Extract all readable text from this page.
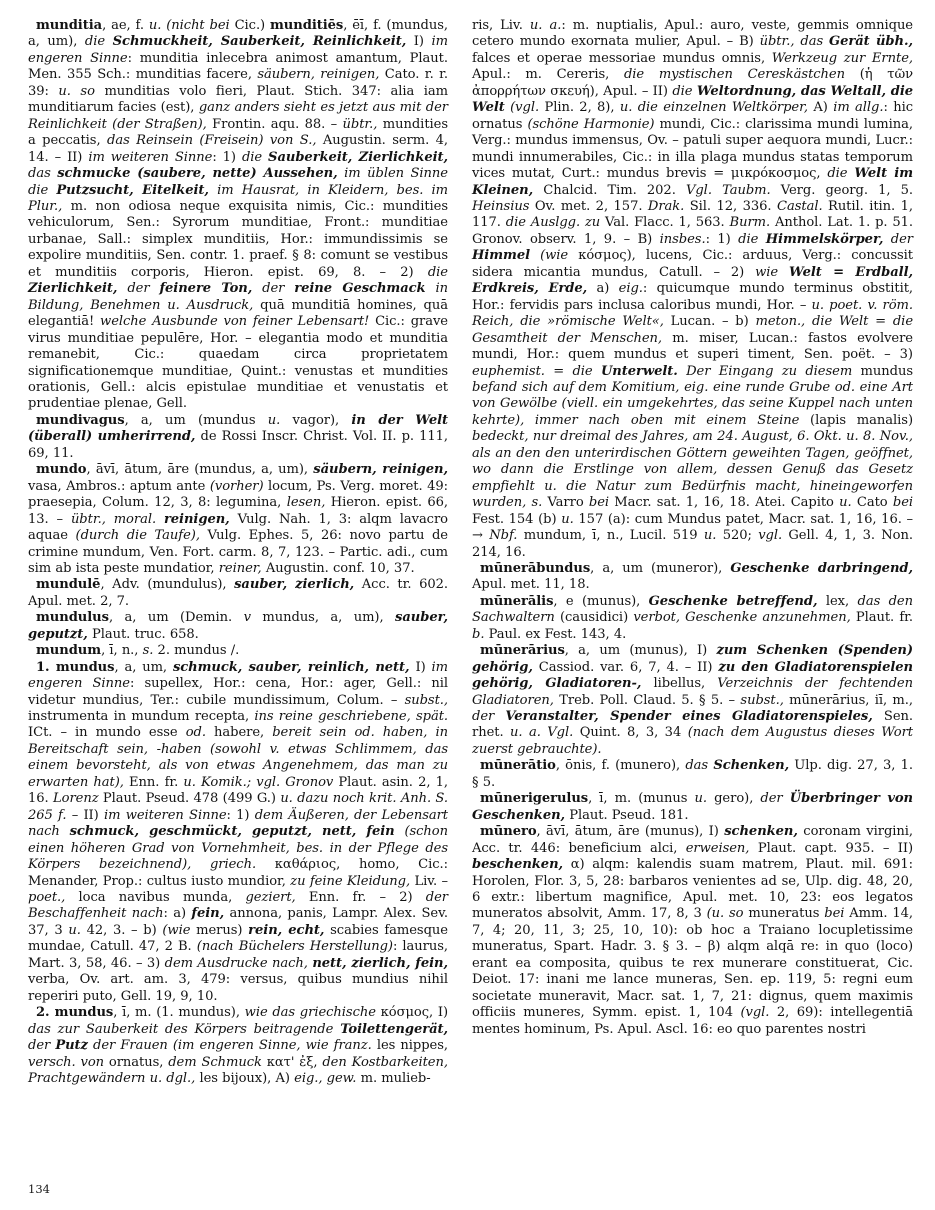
munditia, ae, f. u. (nicht bei Cic.) munditiēs, ēī, f. (mundus, a, um), die Schmuckheit, Sauberkeit, Reinlichkeit, I) im engeren Sinne: munditia inlecebra animost amantum, Plaut. Men. 355 Sch.: munditias facere, säubern, reinigen, Cato. r. r. 39: u. so munditias volo fieri, Plaut. Stich. 347: alia iam munditiarum facies (est), ganz anders sieht es jetzt aus mit der Reinlichkeit (der Straßen), Frontin. aqu. 88. – übtr., mundities a peccatis, das Reinsein (Freisein) von S., Augustin. serm. 4, 14. – II) im weiteren Sinne: 1) die Sauberkeit, Zierlichkeit, das schmucke (saubere, nette) Aussehen, im üblen Sinne die Putzsucht, Eitelkeit, im Hausrat, in Kleidern, bes. im Plur., m. non odiosa neque exquisita nimis, Cic.: mundities vehiculorum, Sen.: Syrorum munditiae, Front.: munditiae urbanae, Sall.: simplex munditiis, Hor.: immundissimis se expolire munditiis, Sen. contr. 1. praef. § 8: comunt se vestibus et munditiis corporis, Hieron. epist. 69, 8. – 2) die Zierlichkeit, der feinere Ton, der reine Geschmack in Bildung, Benehmen u. Ausdruck, quā munditiā homines, quā elegantiā! welche Ausbunde von feiner Lebensart! Cic.: grave virus munditiae pepulēre, Hor. – elegantia modo et munditia remanebit, Cic.: quaedam circa proprietatem significationemque munditiae, Quint.: venustas et mundities orationis, Gell.: alcis epistulae munditiae et venustatis et prudentiae plenae, Gell.

mundivagus, a, um (mundus u. vagor), in der Welt (überall) umherirrend, de Rossi Inscr. Christ. Vol. II. p. 111, 69, 11.

mundo, āvī, ātum, āre (mundus, a, um), säubern, reinigen, vasa, Ambros.: aptum ante (vorher) locum, Ps. Verg. moret. 49: praesepia, Colum. 12, 3, 8: legumina, lesen, Hieron. epist. 66, 13. – übtr., moral. reinigen, Vulg. Nah. 1, 3: alqm lavacro aquae (durch die Taufe), Vulg. Ephes. 5, 26: novo partu de crimine mundum, Ven. Fort. carm. 8, 7, 123. – Partic. adi., cum sim ab ista peste mundatior, reiner, Augustin. conf. 10, 37.

mundulē, Adv. (mundulus), sauber, zierlich, Acc. tr. 602. Apul. met. 2, 7.

mundulus, a, um (Demin. v mundus, a, um), sauber, geputzt, Plaut. truc. 658.

mundum, ī, n., s. 2. mundus /.

1. mundus, a, um, schmuck, sauber, reinlich, nett, I) im engeren Sinne: supellex, Hor.: cena, Hor.: ager, Gell.: nil videtur mundius, Ter.: cubile mundissimum, Colum. – subst., instrumenta in mundum recepta, ins reine geschriebene, spät. ICt. – in mundo esse od. habere, bereit sein od. haben, in Bereitschaft sein, -haben (sowohl v. etwas Schlimmem, das einem bevorsteht, als von etwas Angenehmem, das man zu erwarten hat), Enn. fr. u. Komik.; vgl. Gronov Plaut. asin. 2, 1, 16. Lorenz Plaut. Pseud. 478 (499 G.) u. dazu noch krit. Anh. S. 265 f. – II) im weiteren Sinne: 1) dem Äußeren, der Lebensart nach schmuck, geschmückt, geputzt, nett, fein (schon einen höheren Grad von Vornehmheit, bes. in der Pflege des Körpers bezeichnend), griech. καθάριος, homo, Cic.: Menander, Prop.: cultus iusto mundior, zu feine Kleidung, Liv. – poet., loca navibus munda, geziert, Enn. fr. – 2) der Beschaffenheit nach: a) fein, annona, panis, Lampr. Alex. Sev. 37, 3 u. 42, 3. – b) (wie merus) rein, echt, scabies famesque mundae, Catull. 47, 2 B. (nach Büchelers Herstellung): laurus, Mart. 3, 58, 46. – 3) dem Ausdrucke nach, nett, zierlich, fein, verba, Ov. art. am. 3, 479: versus, quibus mundius nihil reperiri puto, Gell. 19, 9, 10.

2. mundus, ī, m. (1. mundus), wie das griechische κόσμος, I) das zur Sauberkeit des Körpers beitragende Toilettengerät, der Putz der Frauen (im engeren Sinne, wie franz. les nippes, versch. von ornatus, dem Schmuck κατ' ἐξ, den Kostbarkeiten, Prachtgewändern u. dgl., les bijoux), A) eig., gew. m. mulieb-

ris, Liv. u. a.: m. nuptialis, Apul.: auro, veste, gemmis omnique cetero mundo exornata mulier, Apul. – B) übtr., das Gerät übh., falces et operae messoriae mundus omnis, Werkzeug zur Ernte, Apul.: m. Cereris, die mystischen Cereskästchen (ἡ τῶν ἀπορρήτων σκευή), Apul. – II) die Weltordnung, das Weltall, die Welt (vgl. Plin. 2, 8), u. die einzelnen Weltkörper, A) im allg.: hic ornatus (schöne Harmonie) mundi, Cic.: clarissima mundi lumina, Verg.: mundus immensus, Ov. – patuli super aequora mundi, Lucr.: mundi innumerabiles, Cic.: in illa plaga mundus statas temporum vices mutat, Curt.: mundus brevis = μικρόκοσμος, die Welt im Kleinen, Chalcid. Tim. 202. Vgl. Taubm. Verg. georg. 1, 5. Heinsius Ov. met. 2, 157. Drak. Sil. 12, 336. Castal. Rutil. itin. 1, 117. die Auslgg. zu Val. Flacc. 1, 563. Burm. Anthol. Lat. 1. p. 51. Gronov. observ. 1, 9. – B) insbes.: 1) die Himmelskörper, der Himmel (wie κόσμος), lucens, Cic.: arduus, Verg.: concussit sidera micantia mundus, Catull. – 2) wie Welt = Erdball, Erdkreis, Erde, a) eig.: quicumque mundo terminus obstitit, Hor.: fervidis pars inclusa caloribus mundi, Hor. – u. poet. v. röm. Reich, die »römische Welt«, Lucan. – b) meton., die Welt = die Gesamtheit der Menschen, m. miser, Lucan.: fastos evolvere mundi, Hor.: quem mundus et superi timent, Sen. poët. – 3) euphemist. = die Unterwelt. Der Eingang zu diesem mundus befand sich auf dem Komitium, eig. eine runde Grube od. eine Art von Gewölbe (viell. ein umgekehrtes, das seine Kuppel nach unten kehrte), immer nach oben mit einem Steine (lapis manalis) bedeckt, nur dreimal des Jahres, am 24. August, 6. Okt. u. 8. Nov., als an den den unterirdischen Göttern geweihten Tagen, geöffnet, wo dann die Erstlinge von allem, dessen Genuß das Gesetz empfiehlt u. die Natur zum Bedürfnis macht, hineingeworfen wurden, s. Varro bei Macr. sat. 1, 16, 18. Atei. Capito u. Cato bei Fest. 154 (b) u. 157 (a): cum Mundus patet, Macr. sat. 1, 16, 16. – → Nbf. mundum, ī, n., Lucil. 519 u. 520; vgl. Gell. 4, 1, 3. Non. 214, 16.

mūnerābundus, a, um (muneror), Geschenke darbringend, Apul. met. 11, 18.

mūnerālis, e (munus), Geschenke betreffend, lex, das den Sachwaltern (causidici) verbot, Geschenke anzunehmen, Plaut. fr. b. Paul. ex Fest. 143, 4.

mūnerārius, a, um (munus), I) zum Schenken (Spenden) gehörig, Cassiod. var. 6, 7, 4. – II) zu den Gladiatorenspielen gehörig, Gladiatoren-, libellus, Verzeichnis der fechtenden Gladiatoren, Treb. Poll. Claud. 5. § 5. – subst., mūnerārius, iī, m., der Veranstalter, Spender eines Gladiatorenspieles, Sen. rhet. u. a. Vgl. Quint. 8, 3, 34 (nach dem Augustus dieses Wort zuerst gebrauchte).

mūnerātio, ōnis, f. (munero), das Schenken, Ulp. dig. 27, 3, 1. § 5.

mūnerigerulus, ī, m. (munus u. gero), der Überbringer von Geschenken, Plaut. Pseud. 181.

mūnero, āvī, ātum, āre (munus), I) schenken, coronam virgini, Acc. tr. 446: beneficium alci, erweisen, Plaut. capt. 935. – II) beschenken, α) alqm: kalendis suam matrem, Plaut. mil. 691: Horolen, Flor. 3, 5, 28: barbaros venientes ad se, Ulp. dig. 48, 20, 6 extr.: libertum magnifice, Apul. met. 10, 23: eos legatos muneratos absolvit, Amm. 17, 8, 3 (u. so muneratus bei Amm. 14, 7, 4; 20, 11, 3; 25, 10, 10): ob hoc a Traiano locupletissime muneratus, Spart. Hadr. 3. § 3. – β) alqm alqā re: in quo (loco) erant ea composita, quibus te rex munerare constituerat, Cic. Deiot. 17: inani me lance muneras, Sen. ep. 119, 5: regni eum societate muneravit, Macr. sat. 1, 7, 21: dignus, quem maximis officiis muneres, Symm. epist. 1, 104 (vgl. 2, 69): intellegentiā mentes hominum, Ps. Apul. Ascl. 16: eo quo parentes nostri

134
